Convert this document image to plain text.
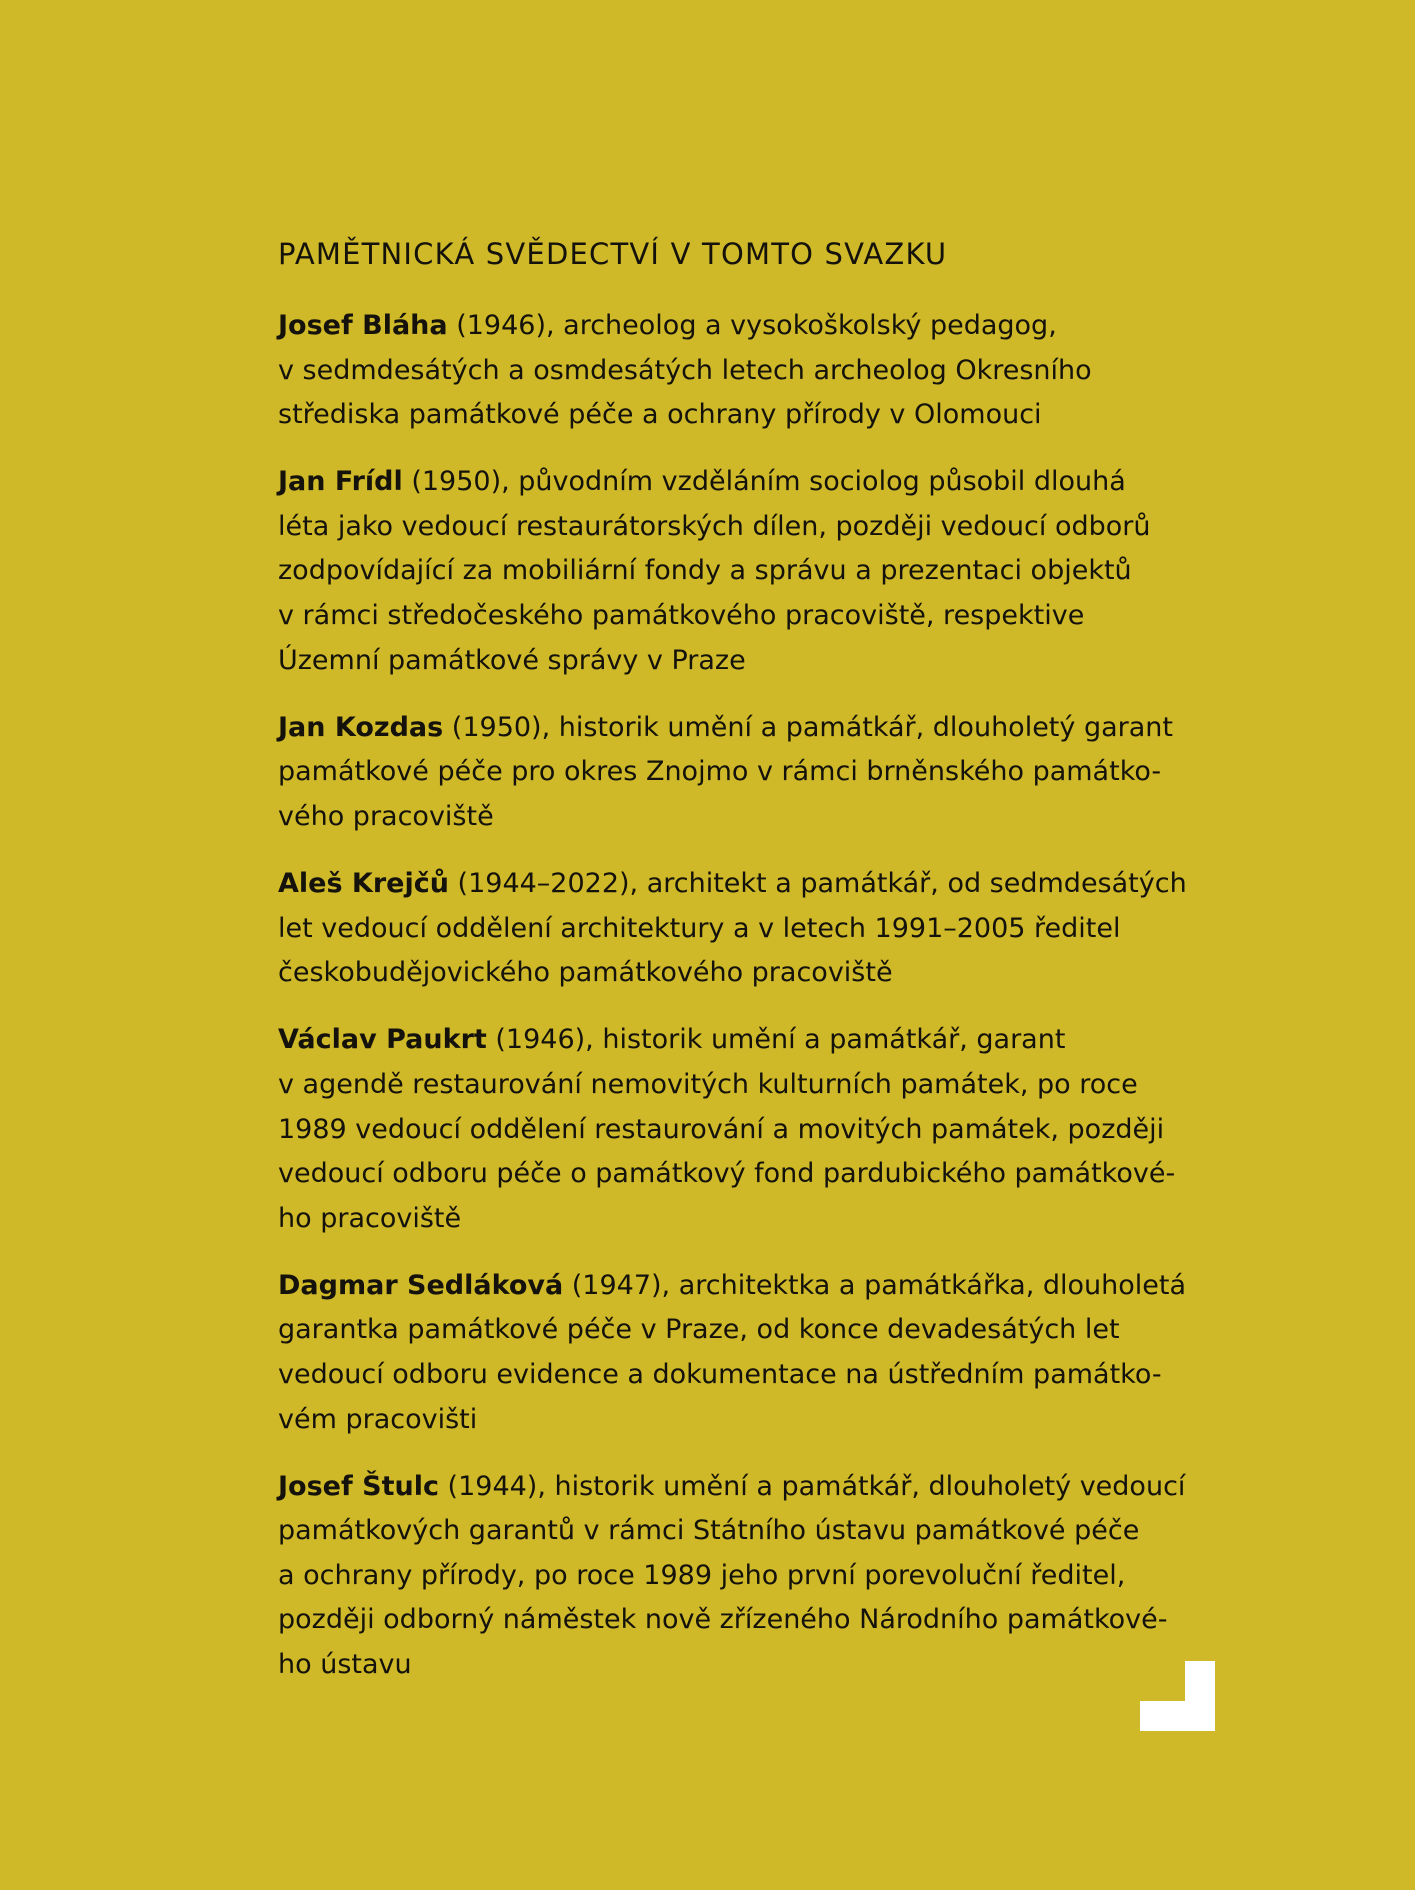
PAMĚTNICKÁ SVĚDECTVÍ V TOMTO SVAZKU
Josef Bláha (1946), archeolog a vysokoškolský pedagog,
v sedmdesátých a osmdesátých letech archeolog Okresního
střediska památkové péče a ochrany přírody v Olomouci
Jan Frídl (1950), původním vzděláním sociolog působil dlouhá
léta jako vedoucí restaurátorských dílen, později vedoucí odborů
zodpovídající za mobiliární fondy a správu a prezentaci objektů
v rámci středočeského památkového pracoviště, respektive
Územní památkové správy v Praze
Jan Kozdas (1950), historik umění a památkář, dlouholetý garant
památkové péče pro okres Znojmo v rámci brněnského památko-
vého pracoviště
Aleš Krejčů (1944–2022), architekt a památkář, od sedmdesátých
let vedoucí oddělení architektury a v letech 1991–2005 ředitel
českobudějovického památkového pracoviště
Václav Paukrt (1946), historik umění a památkář, garant
v agendě restaurování nemovitých kulturních památek, po roce
1989 vedoucí oddělení restaurování a movitých památek, později
vedoucí odboru péče o památkový fond pardubického památkové-
ho pracoviště
Dagmar Sedláková (1947), architektka a památkářka, dlouholetá
garantka památkové péče v Praze, od konce devadesátých let
vedoucí odboru evidence a dokumentace na ústředním památko-
vém pracovišti
Josef Štulc (1944), historik umění a památkář, dlouholetý vedoucí
památkových garantů v rámci Státního ústavu památkové péče
a ochrany přírody, po roce 1989 jeho první porevoluční ředitel,
později odborný náměstek nově zřízeného Národního památkové-
ho ústavu
